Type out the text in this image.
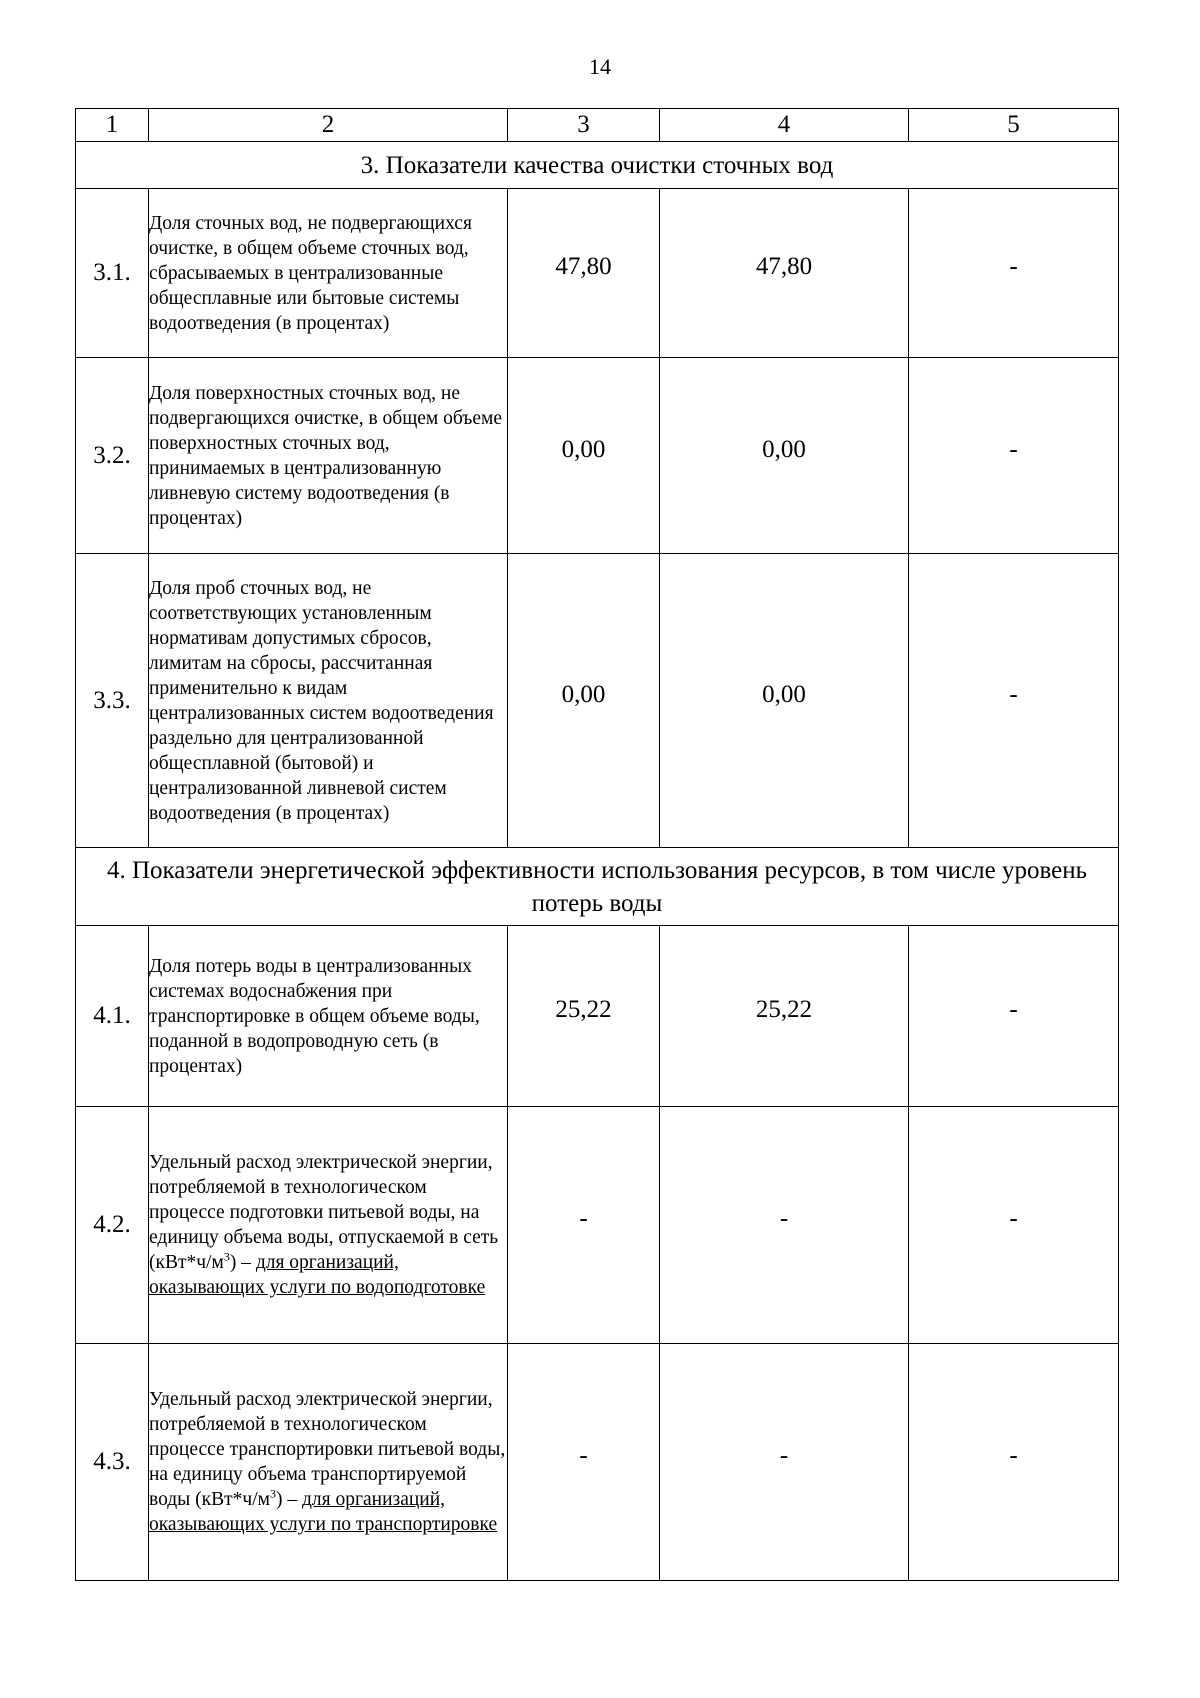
14
1	2	3	4	5
3. Показатели качества очистки сточных вод				
3.1.	Доля сточных вод, не подвергающихся очистке, в общем объеме сточных вод, сбрасываемых в централизованные общесплавные или бытовые системы водоотведения (в процентах)	47,80	47,80	-
3.2.	Доля поверхностных сточных вод, не подвергающихся очистке, в общем объеме поверхностных сточных вод, принимаемых в централизованную ливневую систему водоотведения (в процентах)	0,00	0,00	-
3.3.	Доля проб сточных вод, не соответствующих установленным нормативам допустимых сбросов, лимитам на сбросы, рассчитанная применительно к видам централизованных систем водоотведения раздельно для централизованной общесплавной (бытовой) и централизованной ливневой систем водоотведения (в процентах)	0,00	0,00	-
4. Показатели энергетической эффективности использования ресурсов, в том числе уровень потерь воды				
4.1.	Доля потерь воды в централизованных системах водоснабжения при транспортировке в общем объеме воды, поданной в водопроводную сеть (в процентах)	25,22	25,22	-
4.2.	Удельный расход электрической энергии, потребляемой в технологическом процессе подготовки питьевой воды, на единицу объема воды, отпускаемой в сеть $(кВт*ч/м^3)$ – для организаций, оказывающих услуги по водоподготовке	-	-	-
4.3.	Удельный расход электрической энергии, потребляемой в технологическом процессе транспортировки питьевой воды, на единицу объема транспортируемой воды $(кВт*ч/м^3)$ – для организаций, оказывающих услуги по транспортировке	-	-	-
